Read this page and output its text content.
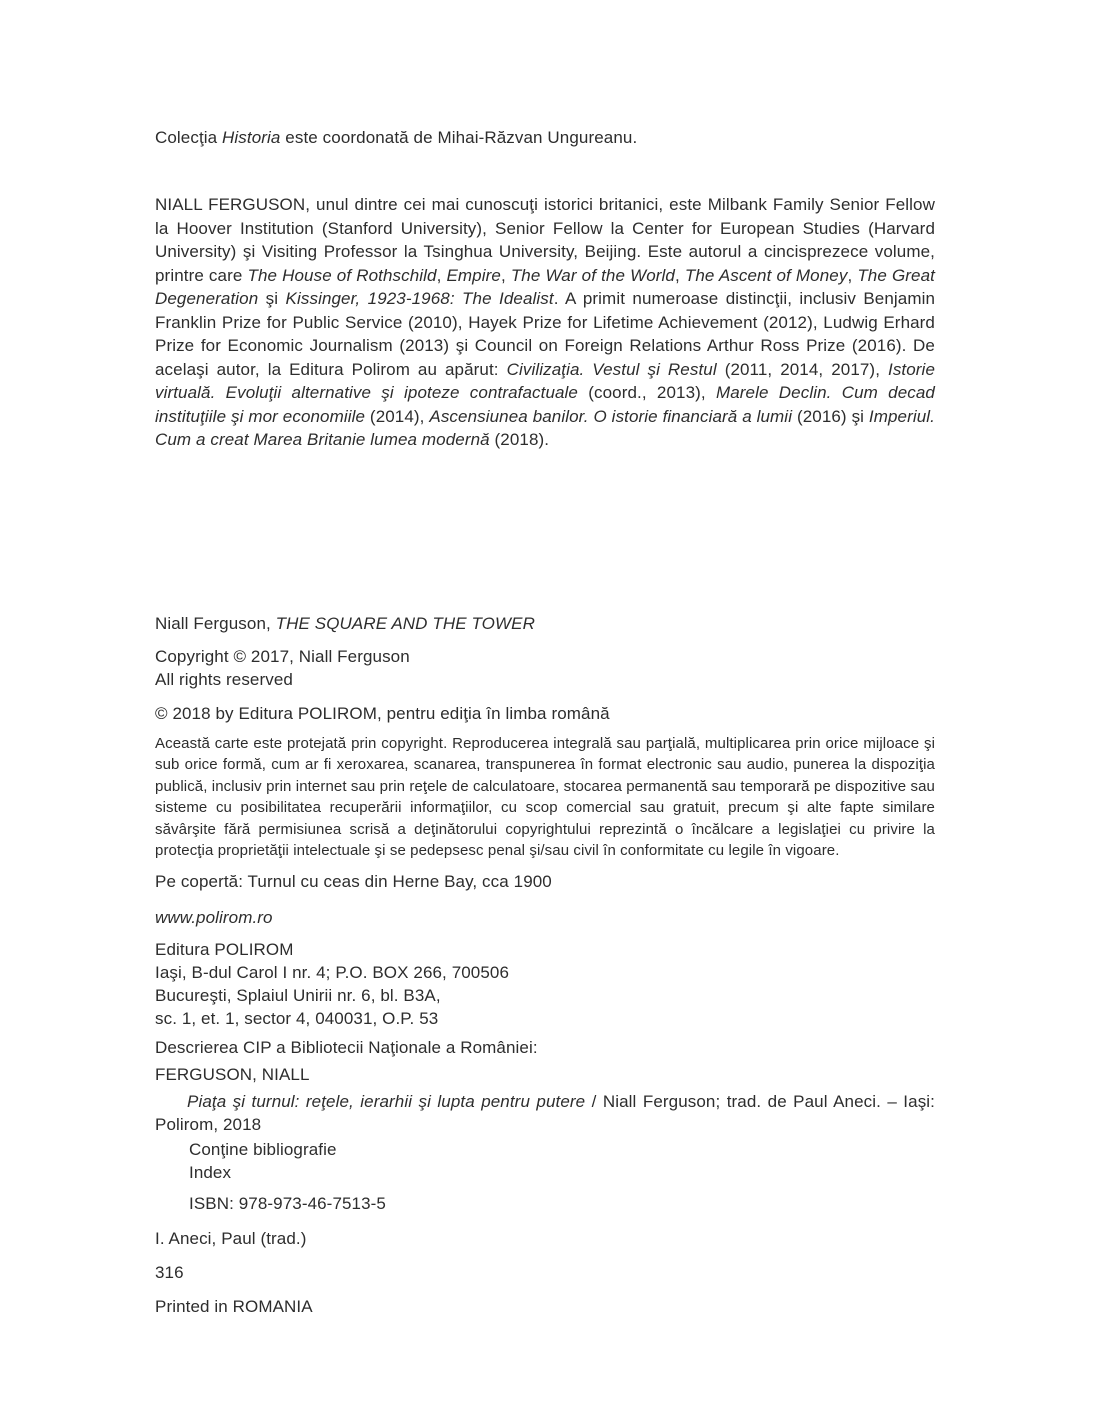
Colecţia Historia este coordonată de Mihai-Răzvan Ungureanu.

NIALL FERGUSON, unul dintre cei mai cunoscuţi istorici britanici, este Milbank Family Senior Fellow la Hoover Institution (Stanford University), Senior Fellow la Center for European Studies (Harvard University) şi Visiting Professor la Tsinghua University, Beijing. Este autorul a cincisprezece volume, printre care The House of Rothschild, Empire, The War of the World, The Ascent of Money, The Great Degeneration şi Kissinger, 1923-1968: The Idealist. A primit numeroase distincţii, inclusiv Benjamin Franklin Prize for Public Service (2010), Hayek Prize for Lifetime Achievement (2012), Ludwig Erhard Prize for Economic Journalism (2013) şi Council on Foreign Relations Arthur Ross Prize (2016). De acelaşi autor, la Editura Polirom au apărut: Civilizaţia. Vestul şi Restul (2011, 2014, 2017), Istorie virtuală. Evoluţii alternative şi ipoteze contrafactuale (coord., 2013), Marele Declin. Cum decad instituţiile şi mor economiile (2014), Ascensiunea banilor. O istorie financiară a lumii (2016) şi Imperiul. Cum a creat Marea Britanie lumea modernă (2018).

Niall Ferguson, THE SQUARE AND THE TOWER

Copyright © 2017, Niall Ferguson

All rights reserved

© 2018 by Editura POLIROM, pentru ediţia în limba română

Această carte este protejată prin copyright. Reproducerea integrală sau parţială, multiplicarea prin orice mijloace şi sub orice formă, cum ar fi xeroxarea, scanarea, transpunerea în format electronic sau audio, punerea la dispoziţia publică, inclusiv prin internet sau prin reţele de calculatoare, stocarea permanentă sau temporară pe dispozitive sau sisteme cu posibilitatea recuperării informaţiilor, cu scop comercial sau gratuit, precum şi alte fapte similare săvârşite fără permisiunea scrisă a deţinătorului copyrightului reprezintă o încălcare a legislaţiei cu privire la protecţia proprietăţii intelectuale şi se pedepsesc penal şi/sau civil în conformitate cu legile în vigoare.

Pe copertă: Turnul cu ceas din Herne Bay, cca 1900

www.polirom.ro

Editura POLIROM

Iaşi, B-dul Carol I nr. 4; P.O. BOX 266, 700506

Bucureşti, Splaiul Unirii nr. 6, bl. B3A,

sc. 1, et. 1, sector 4, 040031, O.P. 53

Descrierea CIP a Bibliotecii Naţionale a României:

FERGUSON, NIALL

Piaţa şi turnul: reţele, ierarhii şi lupta pentru putere / Niall Ferguson; trad. de Paul Aneci. – Iaşi: Polirom, 2018

Conţine bibliografie

Index

ISBN: 978-973-46-7513-5

I. Aneci, Paul (trad.)

316

Printed in ROMANIA
